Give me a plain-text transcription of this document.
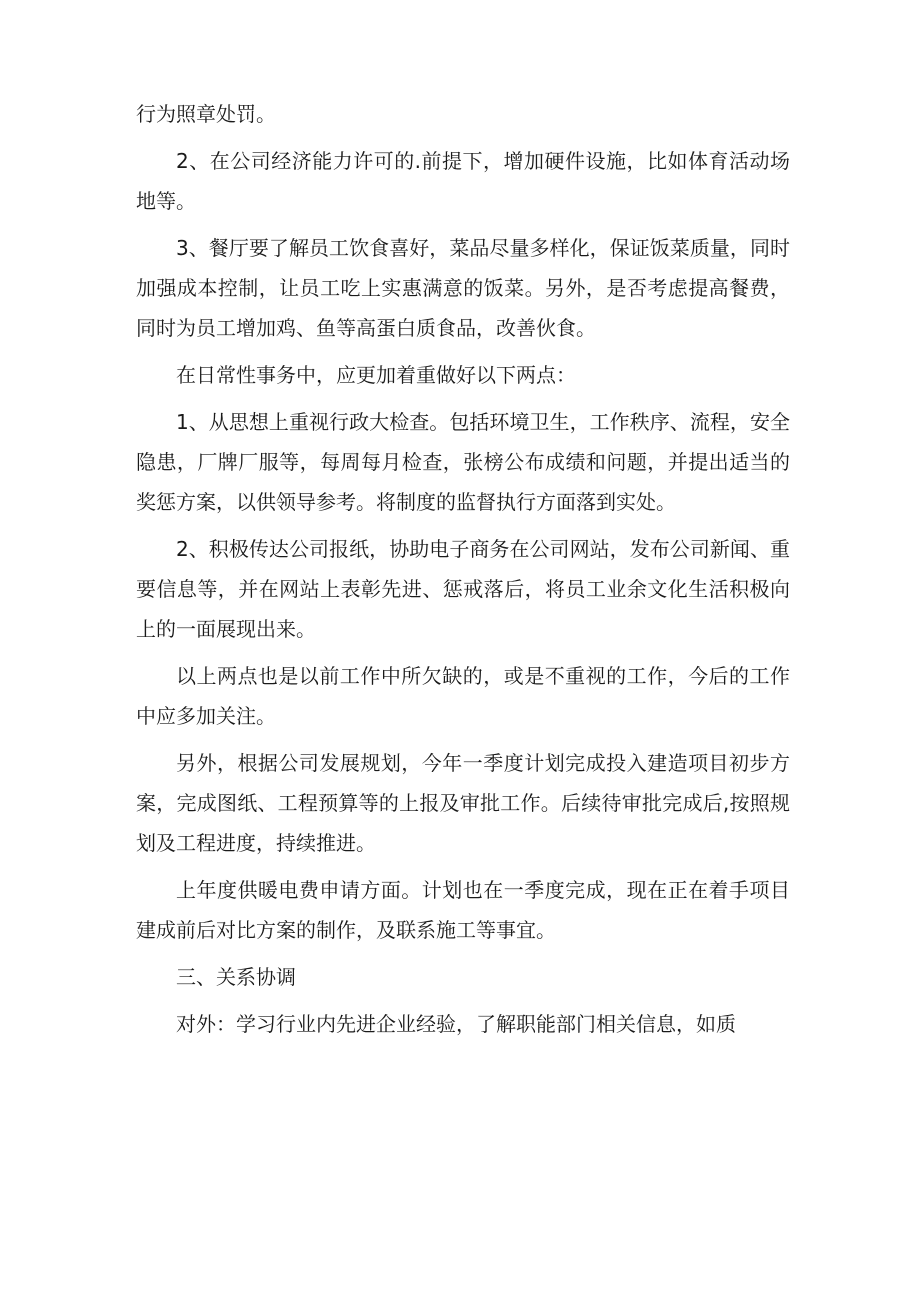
行为照章处罚。

2、在公司经济能力许可的.前提下，增加硬件设施，比如体育活动场地等。

3、餐厅要了解员工饮食喜好，菜品尽量多样化，保证饭菜质量，同时加强成本控制，让员工吃上实惠满意的饭菜。另外，是否考虑提高餐费，同时为员工增加鸡、鱼等高蛋白质食品，改善伙食。

在日常性事务中，应更加着重做好以下两点：

1、从思想上重视行政大检查。包括环境卫生，工作秩序、流程，安全隐患，厂牌厂服等，每周每月检查，张榜公布成绩和问题，并提出适当的奖惩方案，以供领导参考。将制度的监督执行方面落到实处。

2、积极传达公司报纸，协助电子商务在公司网站，发布公司新闻、重要信息等，并在网站上表彰先进、惩戒落后，将员工业余文化生活积极向上的一面展现出来。

以上两点也是以前工作中所欠缺的，或是不重视的工作，今后的工作中应多加关注。

另外，根据公司发展规划，今年一季度计划完成投入建造项目初步方案，完成图纸、工程预算等的上报及审批工作。后续待审批完成后,按照规划及工程进度，持续推进。

上年度供暖电费申请方面。计划也在一季度完成，现在正在着手项目建成前后对比方案的制作，及联系施工等事宜。

三、关系协调

对外：学习行业内先进企业经验，了解职能部门相关信息，如质
